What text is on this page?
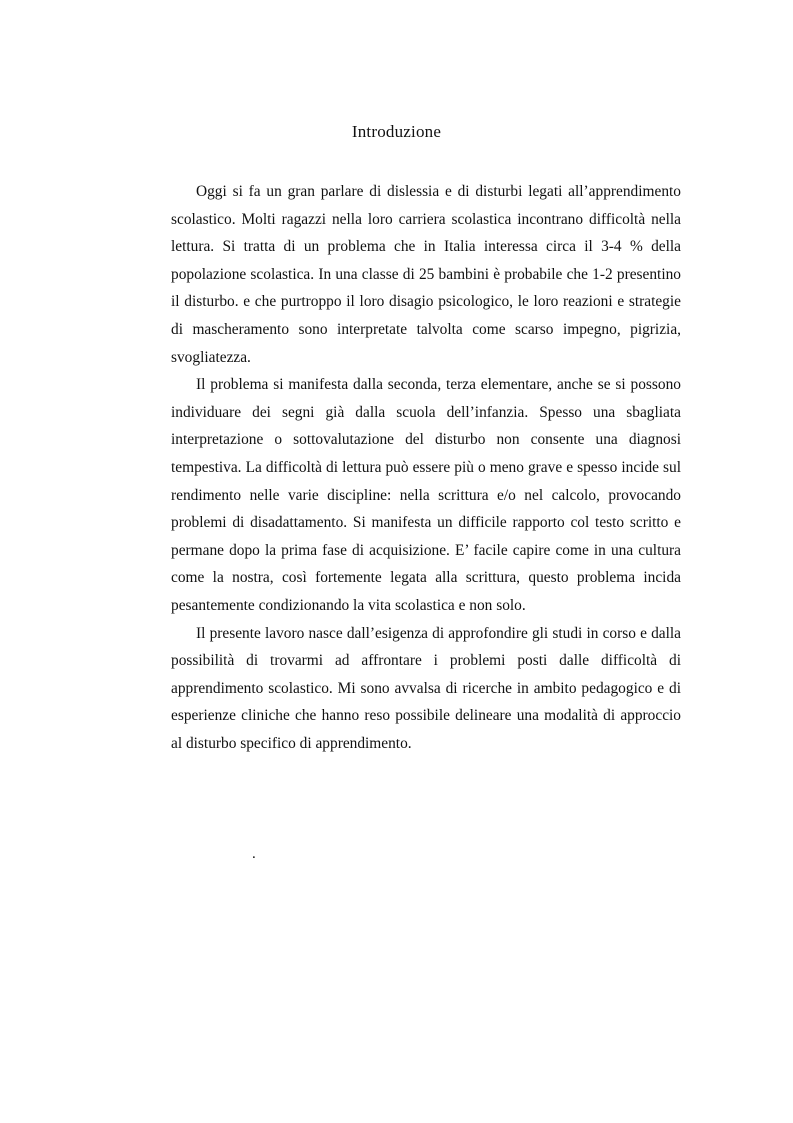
Introduzione

Oggi si fa un gran parlare di dislessia e di disturbi legati all’apprendimento scolastico. Molti ragazzi nella loro carriera scolastica incontrano difficoltà nella lettura. Si tratta di un problema che in Italia interessa circa il 3-4 % della popolazione scolastica. In una classe di 25 bambini è probabile che 1-2 presentino il disturbo. e che purtroppo il loro disagio psicologico, le loro reazioni e strategie di mascheramento sono interpretate talvolta come scarso impegno, pigrizia, svogliatezza.

Il problema si manifesta dalla seconda, terza elementare, anche se si possono individuare dei segni già dalla scuola dell’infanzia. Spesso una sbagliata interpretazione o sottovalutazione del disturbo non consente una diagnosi tempestiva. La difficoltà di lettura può essere più o meno grave e spesso incide sul rendimento nelle varie discipline: nella scrittura e/o nel calcolo, provocando problemi di disadattamento. Si manifesta un difficile rapporto col testo scritto e permane dopo la prima fase di acquisizione. E’ facile capire come in una cultura come la nostra, così fortemente legata alla scrittura, questo problema incida pesantemente condizionando la vita scolastica e non solo.

Il presente lavoro nasce dall’esigenza di approfondire gli studi in corso e dalla possibilità di trovarmi ad affrontare i problemi posti dalle difficoltà di apprendimento scolastico. Mi sono avvalsa di ricerche in ambito pedagogico e di esperienze cliniche che hanno reso possibile delineare una modalità di approccio al disturbo specifico di apprendimento.

.
